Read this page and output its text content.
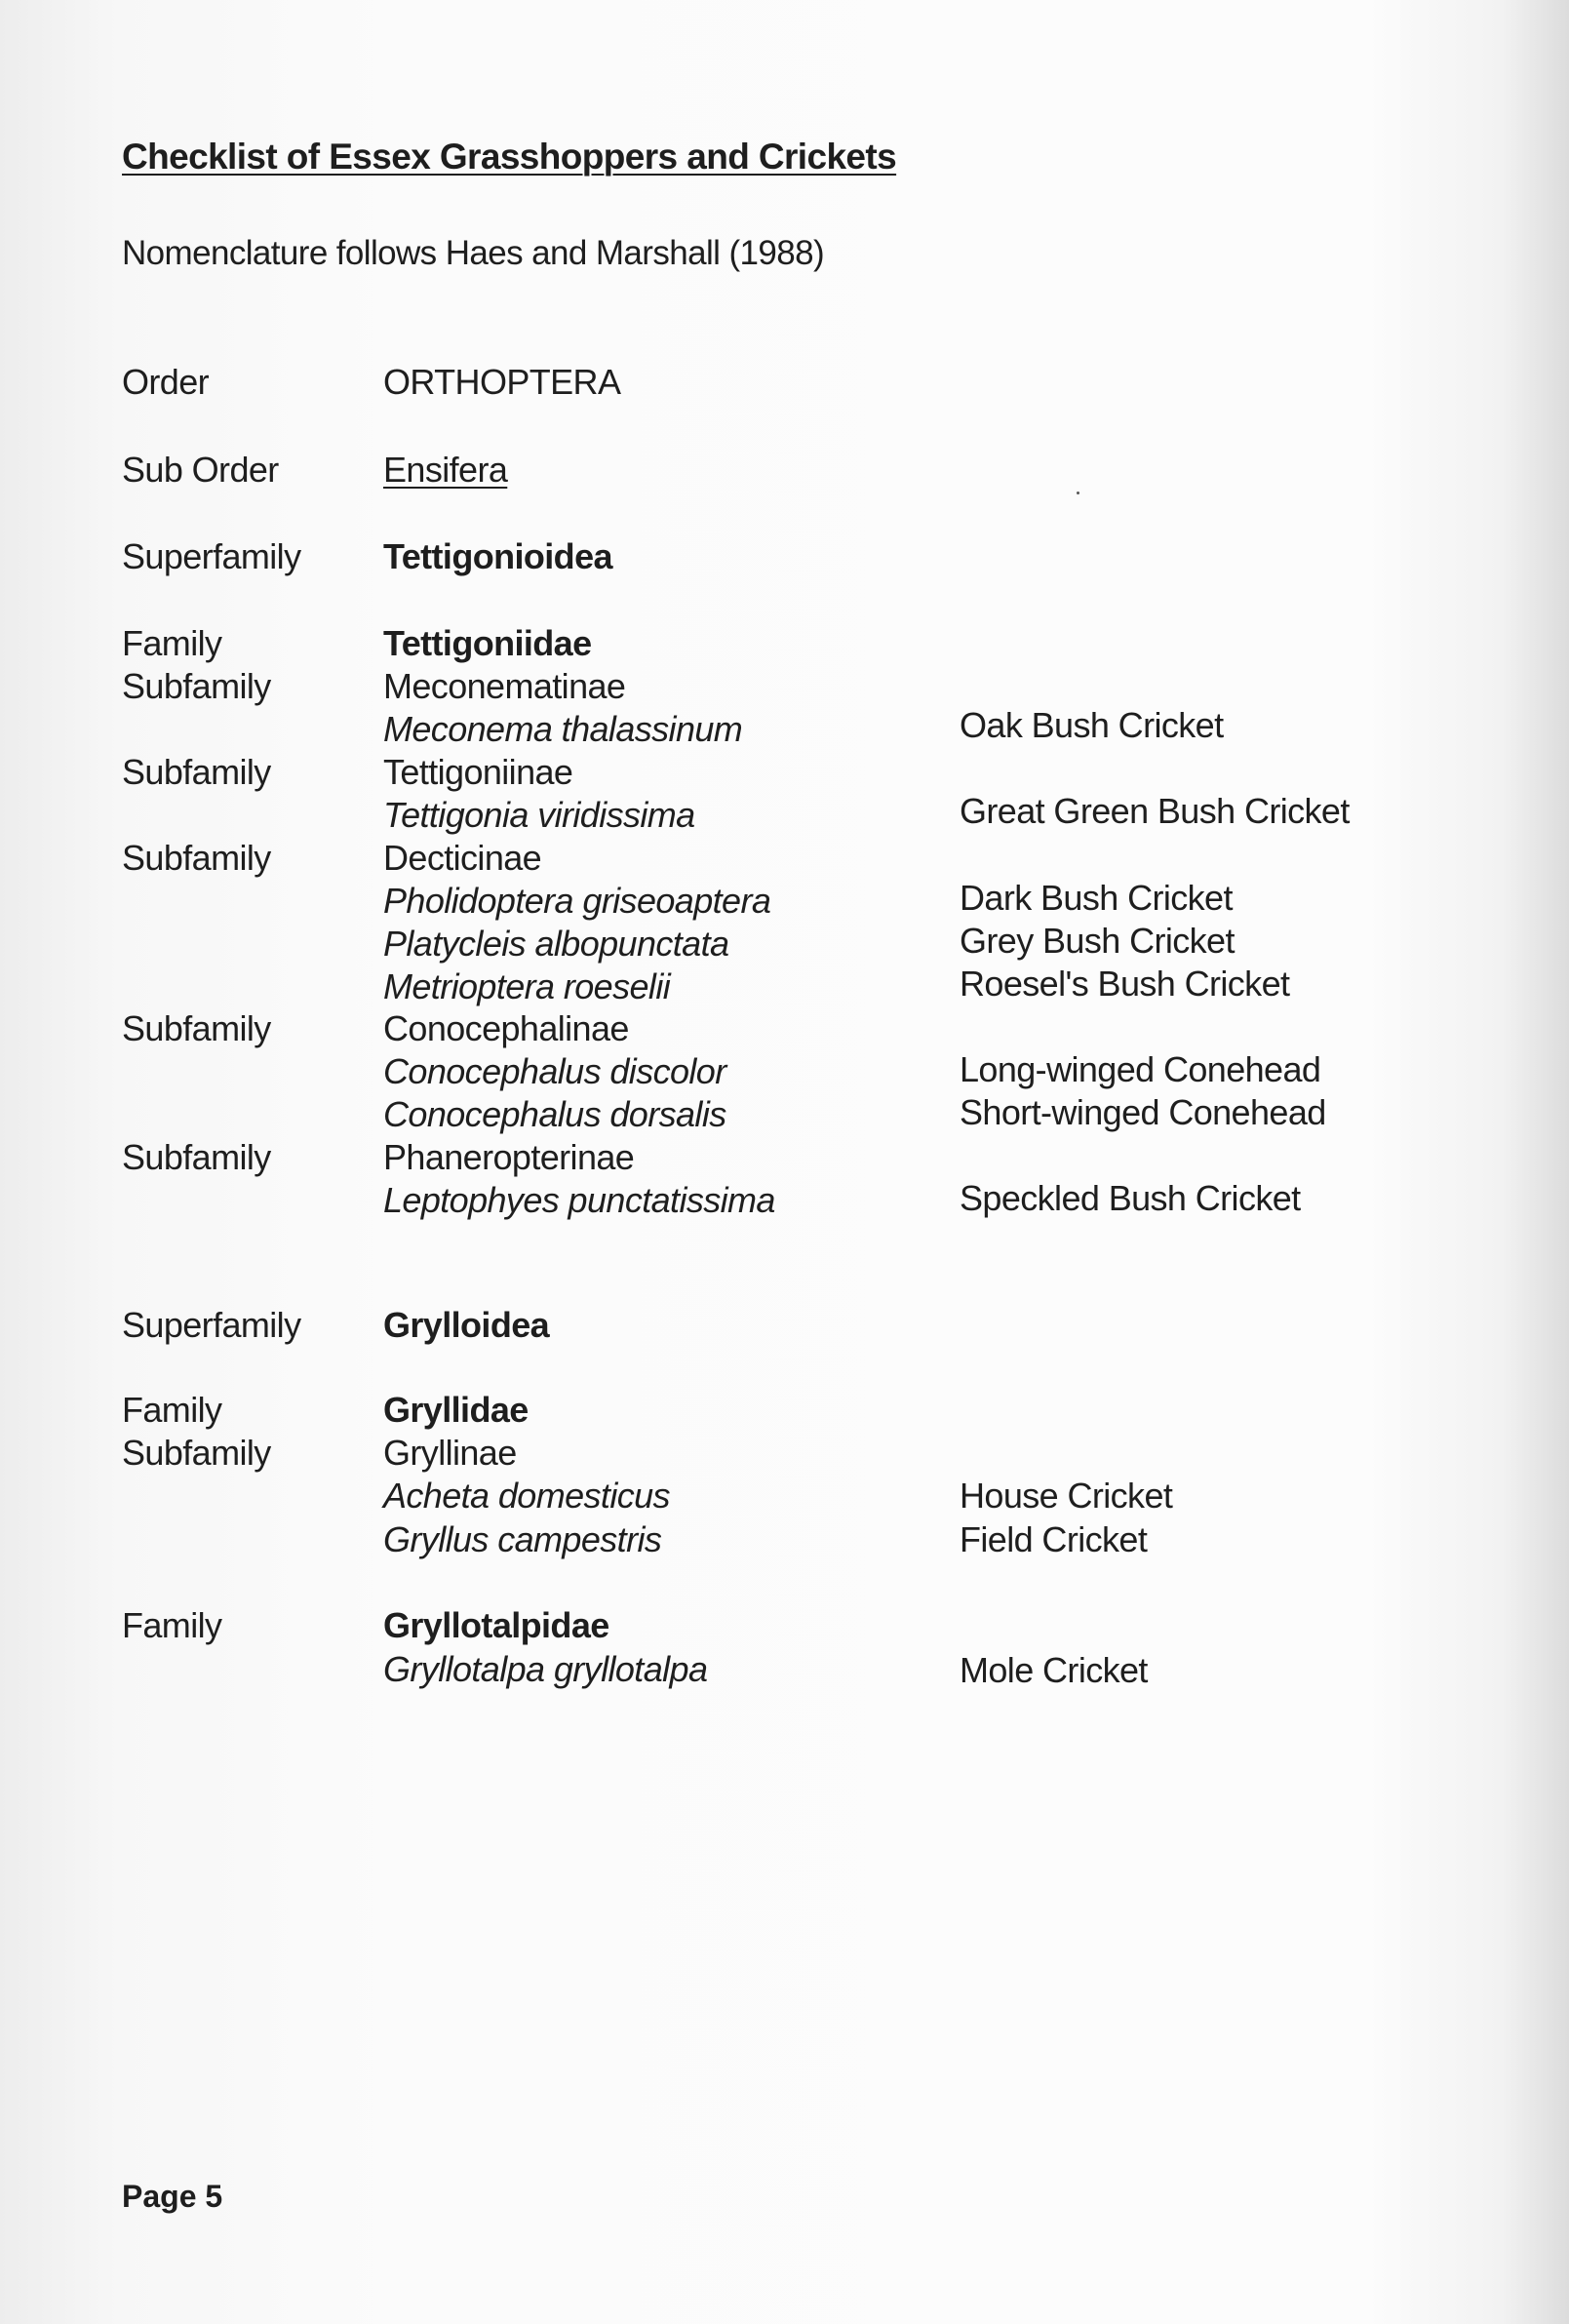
Checklist of Essex Grasshoppers and Crickets
Nomenclature follows Haes and Marshall (1988)
Order	ORTHOPTERA
Sub Order	Ensifera
Superfamily Tettigonioidea
Family	Tettigoniidae
Subfamily	Meconematinae
Meconema thalassinum	Oak Bush Cricket
Subfamily	Tettigoniinae
Tettigonia viridissima	Great Green Bush Cricket
Subfamily	Decticinae
Pholidoptera griseoaptera	Dark Bush Cricket
Platycleis albopunctata	Grey Bush Cricket
Metrioptera roeselii	Roesel's Bush Cricket
Subfamily	Conocephalinae
Conocephalus discolor	Long-winged Conehead
Conocephalus dorsalis	Short-winged Conehead
Subfamily	Phaneropterinae
Leptophyes punctatissima	Speckled Bush Cricket
Superfamily Grylloidea
Family	Gryllidae
Subfamily	Gryllinae
Acheta domesticus	House Cricket
Gryllus campestris	Field Cricket
Family	Gryllotalpidae
Gryllotalpa gryllotalpa	Mole Cricket
Page 5
